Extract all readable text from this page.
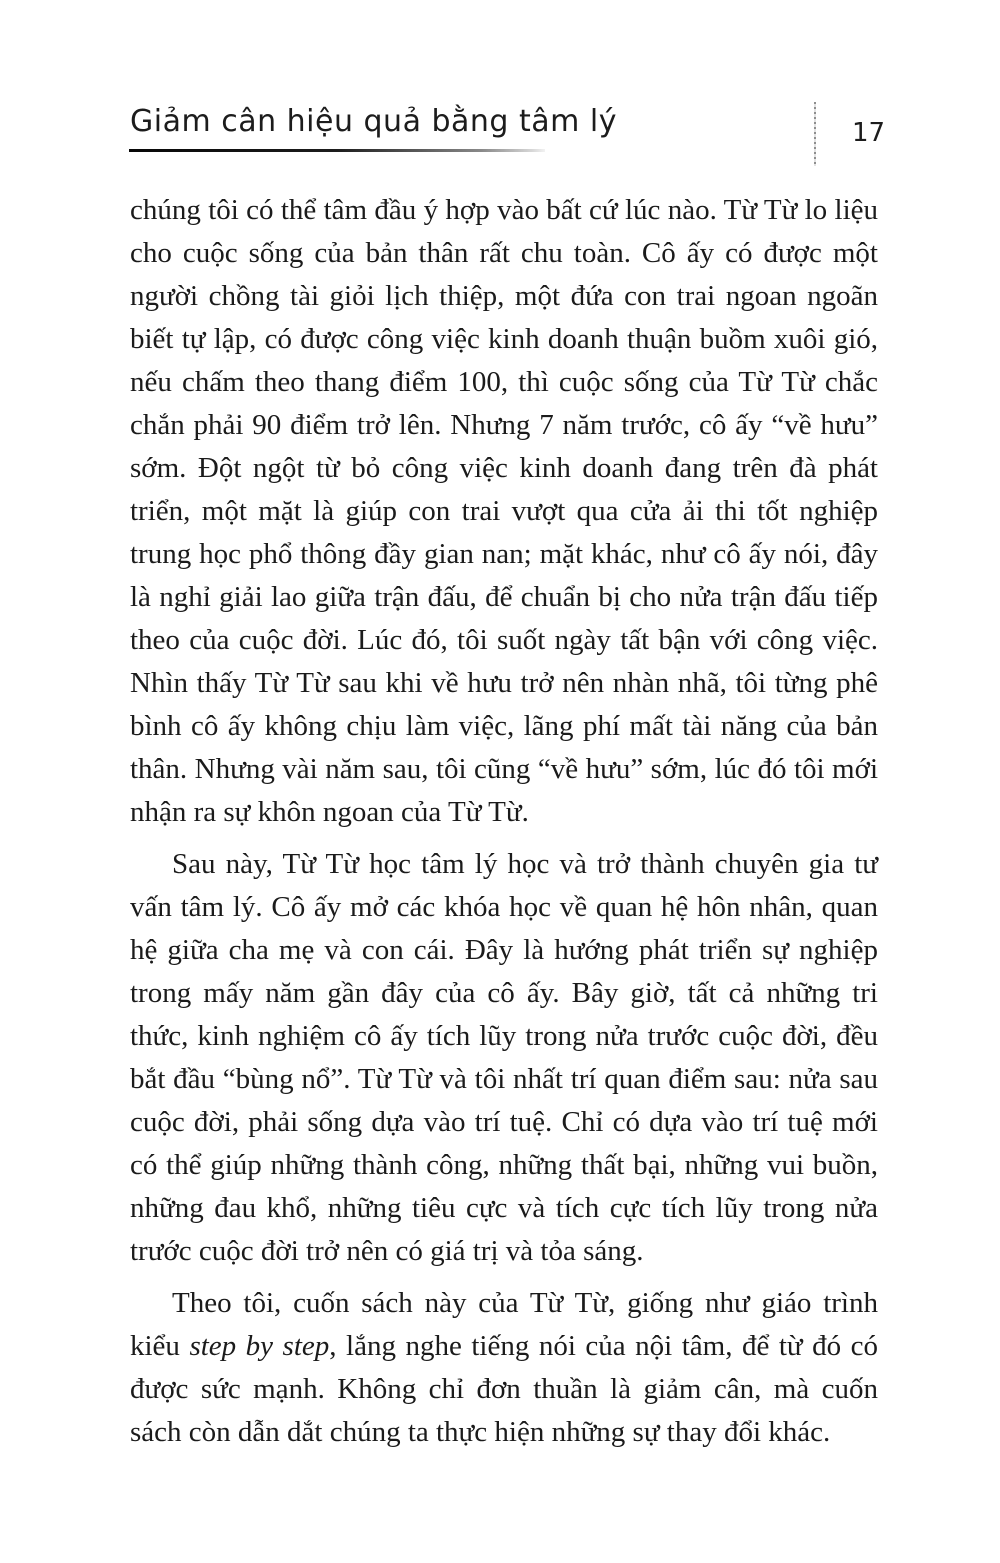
Giảm cân hiệu quả bằng tâm lý	17

chúng tôi có thể tâm đầu ý hợp vào bất cứ lúc nào. Từ Từ lo liệu cho cuộc sống của bản thân rất chu toàn. Cô ấy có được một người chồng tài giỏi lịch thiệp, một đứa con trai ngoan ngoãn biết tự lập, có được công việc kinh doanh thuận buồm xuôi gió, nếu chấm theo thang điểm 100, thì cuộc sống của Từ Từ chắc chắn phải 90 điểm trở lên. Nhưng 7 năm trước, cô ấy “về hưu” sớm. Đột ngột từ bỏ công việc kinh doanh đang trên đà phát triển, một mặt là giúp con trai vượt qua cửa ải thi tốt nghiệp trung học phổ thông đầy gian nan; mặt khác, như cô ấy nói, đây là nghỉ giải lao giữa trận đấu, để chuẩn bị cho nửa trận đấu tiếp theo của cuộc đời. Lúc đó, tôi suốt ngày tất bận với công việc. Nhìn thấy Từ Từ sau khi về hưu trở nên nhàn nhã, tôi từng phê bình cô ấy không chịu làm việc, lãng phí mất tài năng của bản thân. Nhưng vài năm sau, tôi cũng “về hưu” sớm, lúc đó tôi mới nhận ra sự khôn ngoan của Từ Từ.

Sau này, Từ Từ học tâm lý học và trở thành chuyên gia tư vấn tâm lý. Cô ấy mở các khóa học về quan hệ hôn nhân, quan hệ giữa cha mẹ và con cái. Đây là hướng phát triển sự nghiệp trong mấy năm gần đây của cô ấy. Bây giờ, tất cả những tri thức, kinh nghiệm cô ấy tích lũy trong nửa trước cuộc đời, đều bắt đầu “bùng nổ”. Từ Từ và tôi nhất trí quan điểm sau: nửa sau cuộc đời, phải sống dựa vào trí tuệ. Chỉ có dựa vào trí tuệ mới có thể giúp những thành công, những thất bại, những vui buồn, những đau khổ, những tiêu cực và tích cực tích lũy trong nửa trước cuộc đời trở nên có giá trị và tỏa sáng.

Theo tôi, cuốn sách này của Từ Từ, giống như giáo trình kiểu step by step, lắng nghe tiếng nói của nội tâm, để từ đó có được sức mạnh. Không chỉ đơn thuần là giảm cân, mà cuốn sách còn dẫn dắt chúng ta thực hiện những sự thay đổi khác.
